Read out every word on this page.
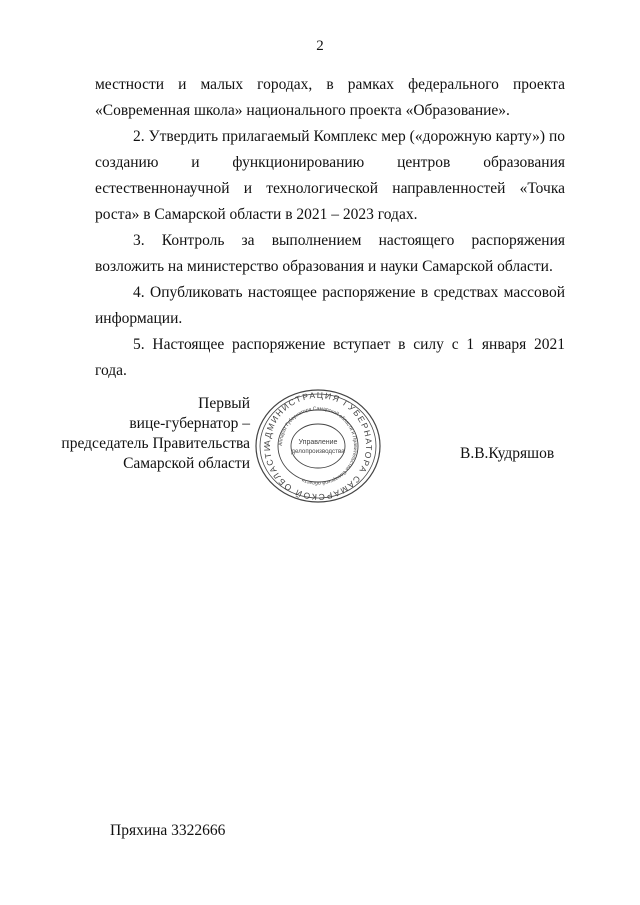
2

местности и малых городах, в рамках федерального проекта «Современная школа» национального проекта «Образование».

2. Утвердить прилагаемый Комплекс мер («дорожную карту») по созданию и функционированию центров образования естественнонаучной и технологической направленностей «Точка роста» в Самарской области в 2021 – 2023 годах.

3. Контроль за выполнением настоящего распоряжения возложить на министерство образования и науки Самарской области.

4. Опубликовать настоящее распоряжение в средствах массовой информации.

5. Настоящее распоряжение вступает в силу с 1 января 2021 года.

Первый
вице-губернатор –
председатель Правительства
Самарской области
АДМИНИСТРАЦИЯ ГУБЕРНАТОРА САМАРСКОЙ ОБЛАСТИ	Аппарат Губернатора Самарской области и Правительства Самарской области
Управление
делопроизводства	В.В.Кудряшов
Пряхина 3322666
